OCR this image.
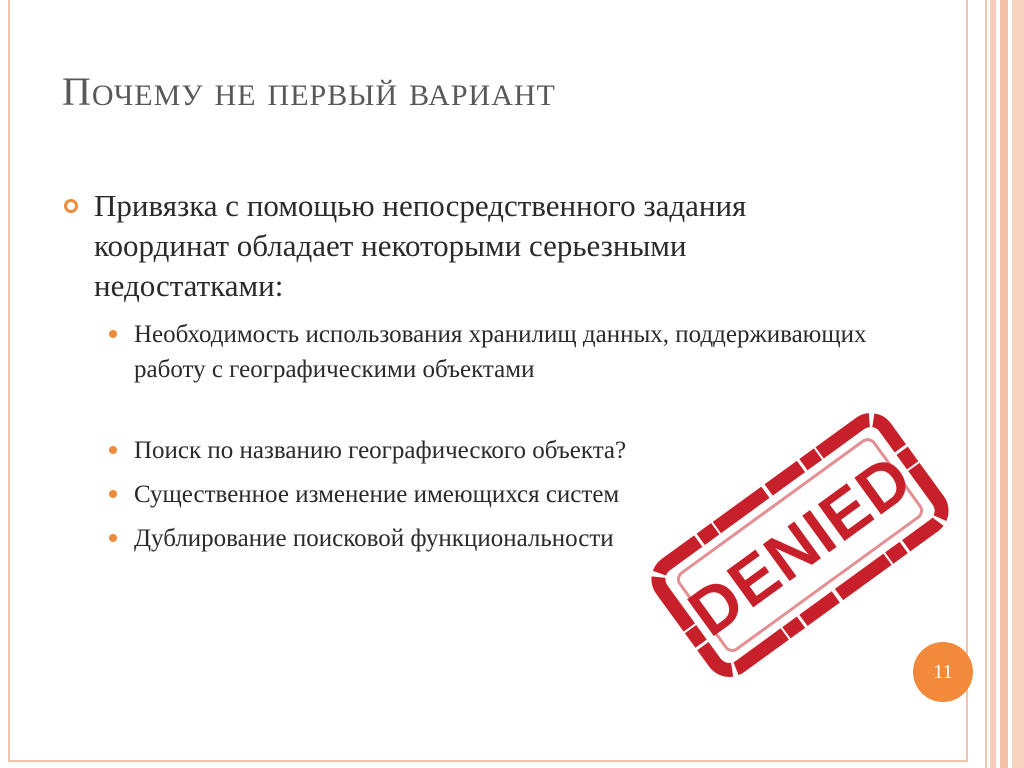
ПОЧЕМУ НЕ ПЕРВЫЙ ВАРИАНТ
Привязка с помощью непосредственного задания координат обладает некоторыми серьезными недостатками:
Необходимость использования хранилищ данных, поддерживающих работу с географическими объектами
Поиск по названию географического объекта?
Существенное изменение имеющихся систем
Дублирование поисковой функциональности DENIED
11
